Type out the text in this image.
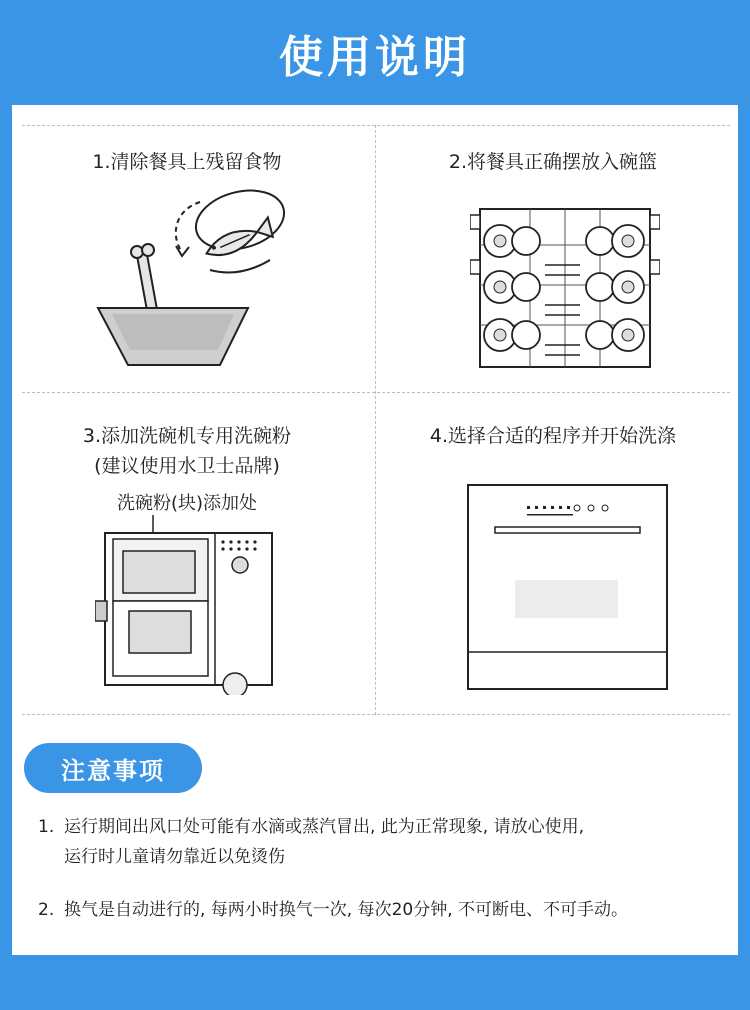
使用说明
1.清除餐具上残留食物	2.将餐具正确摆放入碗篮
3.添加洗碗机专用洗碗粉
(建议使用水卫士品牌)
洗碗粉(块)添加处
4.选择合适的程序并开始洗涤
注意事项
1. 运行期间出风口处可能有水滴或蒸汽冒出, 此为正常现象, 请放心使用,
运行时儿童请勿靠近以免烫伤
2. 换气是自动进行的, 每两小时换气一次, 每次20分钟, 不可断电、不可手动。
